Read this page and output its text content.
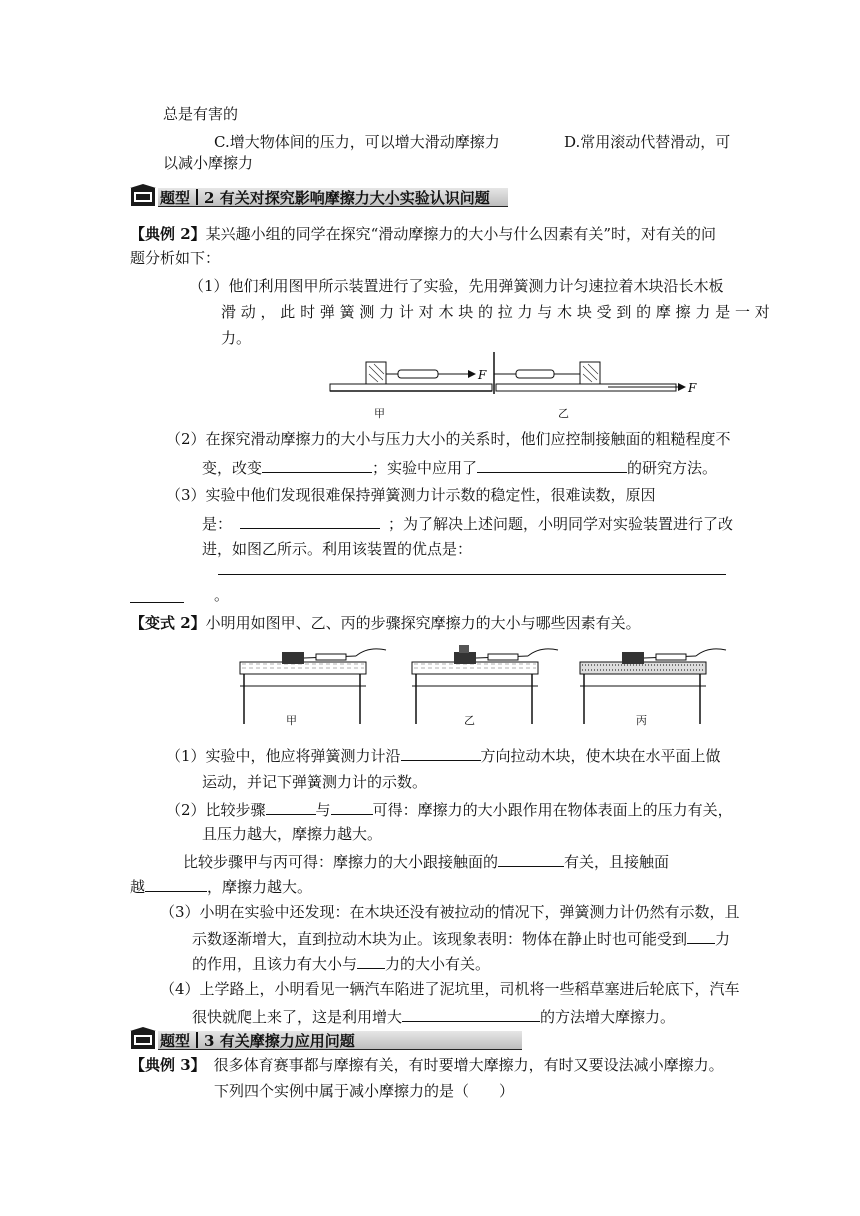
总是有害的
C.增大物体间的压力，可以增大滑动摩擦力	D.常用滚动代替滑动，可
以减小摩擦力
题型 2 有关对探究影响摩擦力大小实验认识问题
【典例 2】某兴趣小组的同学在探究“滑动摩擦力的大小与什么因素有关”时，对有关的问
题分析如下：
（1）他们利用图甲所示装置进行了实验，先用弹簧测力计匀速拉着木块沿长木板
滑 动 ， 此 时 弹 簧 测 力 计 对 木 块 的 拉 力 与 木 块 受 到 的 摩 擦 力 是 一 对
力。
F
F
甲	乙
（2）在探究滑动摩擦力的大小与压力大小的关系时，他们应控制接触面的粗糙程度不
变，改变	；实验中应用了	的研究方法。
（3）实验中他们发现很难保持弹簧测力计示数的稳定性，很难读数，原因
是：	；为了解决上述问题，小明同学对实验装置进行了改
进，如图乙所示。利用该装置的优点是：
。
【变式 2】小明用如图甲、乙、丙的步骤探究摩擦力的大小与哪些因素有关。
甲	乙	丙
（1）实验中，他应将弹簧测力计沿	方向拉动木块，使木块在水平面上做
运动，并记下弹簧测力计的示数。
（2）比较步骤	与	可得：摩擦力的大小跟作用在物体表面上的压力有关，
且压力越大，摩擦力越大。
比较步骤甲与丙可得：摩擦力的大小跟接触面的	有关，且接触面
越	，摩擦力越大。
（3）小明在实验中还发现：在木块还没有被拉动的情况下，弹簧测力计仍然有示数，且
示数逐渐增大，直到拉动木块为止。该现象表明：物体在静止时也可能受到 力
的作用，且该力有大小与 力的大小有关。
（4）上学路上，小明看见一辆汽车陷进了泥坑里，司机将一些稻草塞进后轮底下，汽车
很快就爬上来了，这是利用增大	的方法增大摩擦力。
题型 3 有关摩擦力应用问题
【典例 3】 很多体育赛事都与摩擦有关，有时要增大摩擦力，有时又要设法减小摩擦力。
下列四个实例中属于减小摩擦力的是（　　）
